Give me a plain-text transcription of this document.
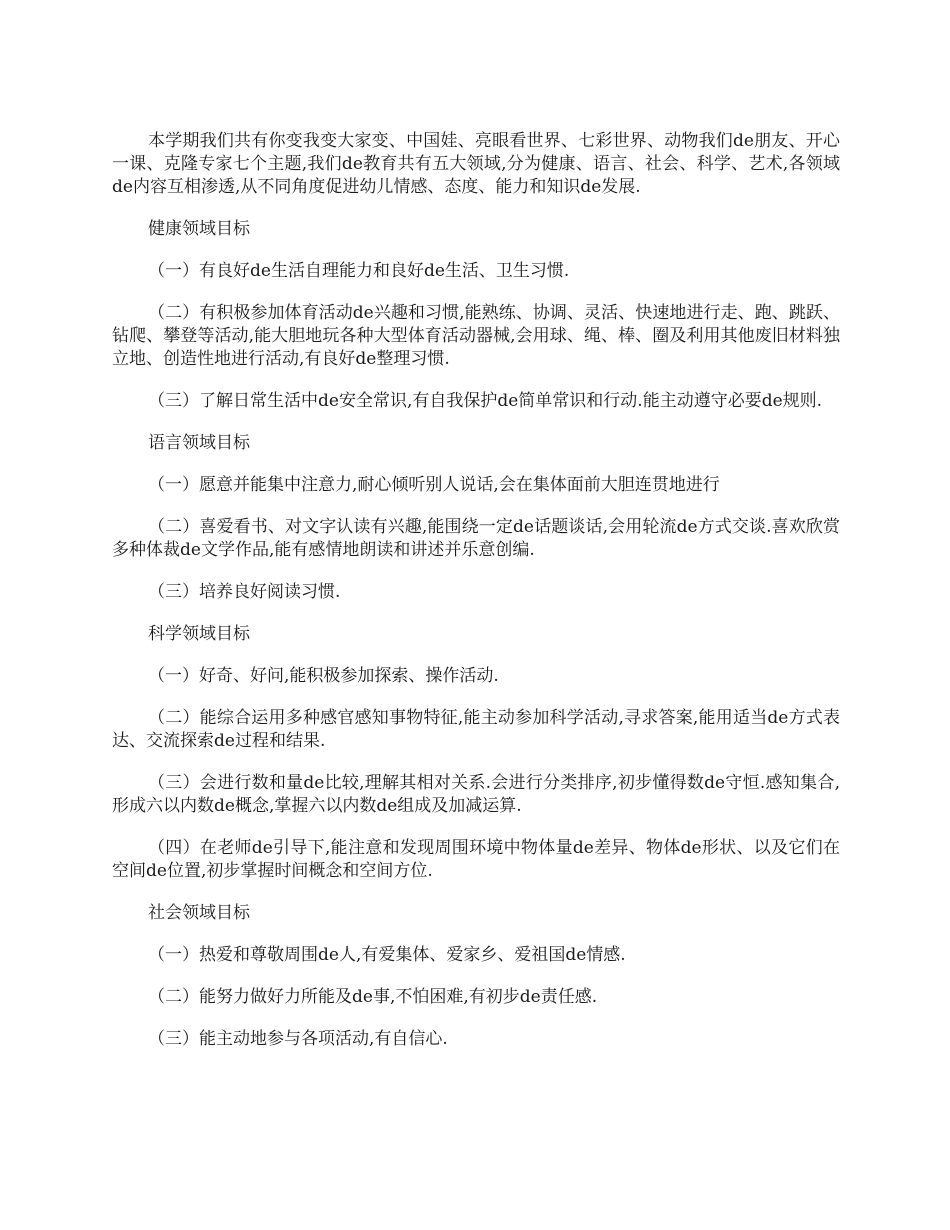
本学期我们共有你变我变大家变、中国娃、亮眼看世界、七彩世界、动物我们de朋友、开心一课、克隆专家七个主题,我们de教育共有五大领域,分为健康、语言、社会、科学、艺术,各领域de内容互相渗透,从不同角度促进幼儿情感、态度、能力和知识de发展.

健康领域目标

（一）有良好de生活自理能力和良好de生活、卫生习惯.

（二）有积极参加体育活动de兴趣和习惯,能熟练、协调、灵活、快速地进行走、跑、跳跃、钻爬、攀登等活动,能大胆地玩各种大型体育活动器械,会用球、绳、棒、圈及利用其他废旧材料独立地、创造性地进行活动,有良好de整理习惯.

（三）了解日常生活中de安全常识,有自我保护de简单常识和行动.能主动遵守必要de规则.

语言领域目标

（一）愿意并能集中注意力,耐心倾听别人说话,会在集体面前大胆连贯地进行

（二）喜爱看书、对文字认读有兴趣,能围绕一定de话题谈话,会用轮流de方式交谈.喜欢欣赏多种体裁de文学作品,能有感情地朗读和讲述并乐意创编.

（三）培养良好阅读习惯.

科学领域目标

（一）好奇、好问,能积极参加探索、操作活动.

（二）能综合运用多种感官感知事物特征,能主动参加科学活动,寻求答案,能用适当de方式表达、交流探索de过程和结果.

（三）会进行数和量de比较,理解其相对关系.会进行分类排序,初步懂得数de守恒.感知集合,形成六以内数de概念,掌握六以内数de组成及加减运算.

（四）在老师de引导下,能注意和发现周围环境中物体量de差异、物体de形状、以及它们在空间de位置,初步掌握时间概念和空间方位.

社会领域目标

（一）热爱和尊敬周围de人,有爱集体、爱家乡、爱祖国de情感.

（二）能努力做好力所能及de事,不怕困难,有初步de责任感.

（三）能主动地参与各项活动,有自信心.
